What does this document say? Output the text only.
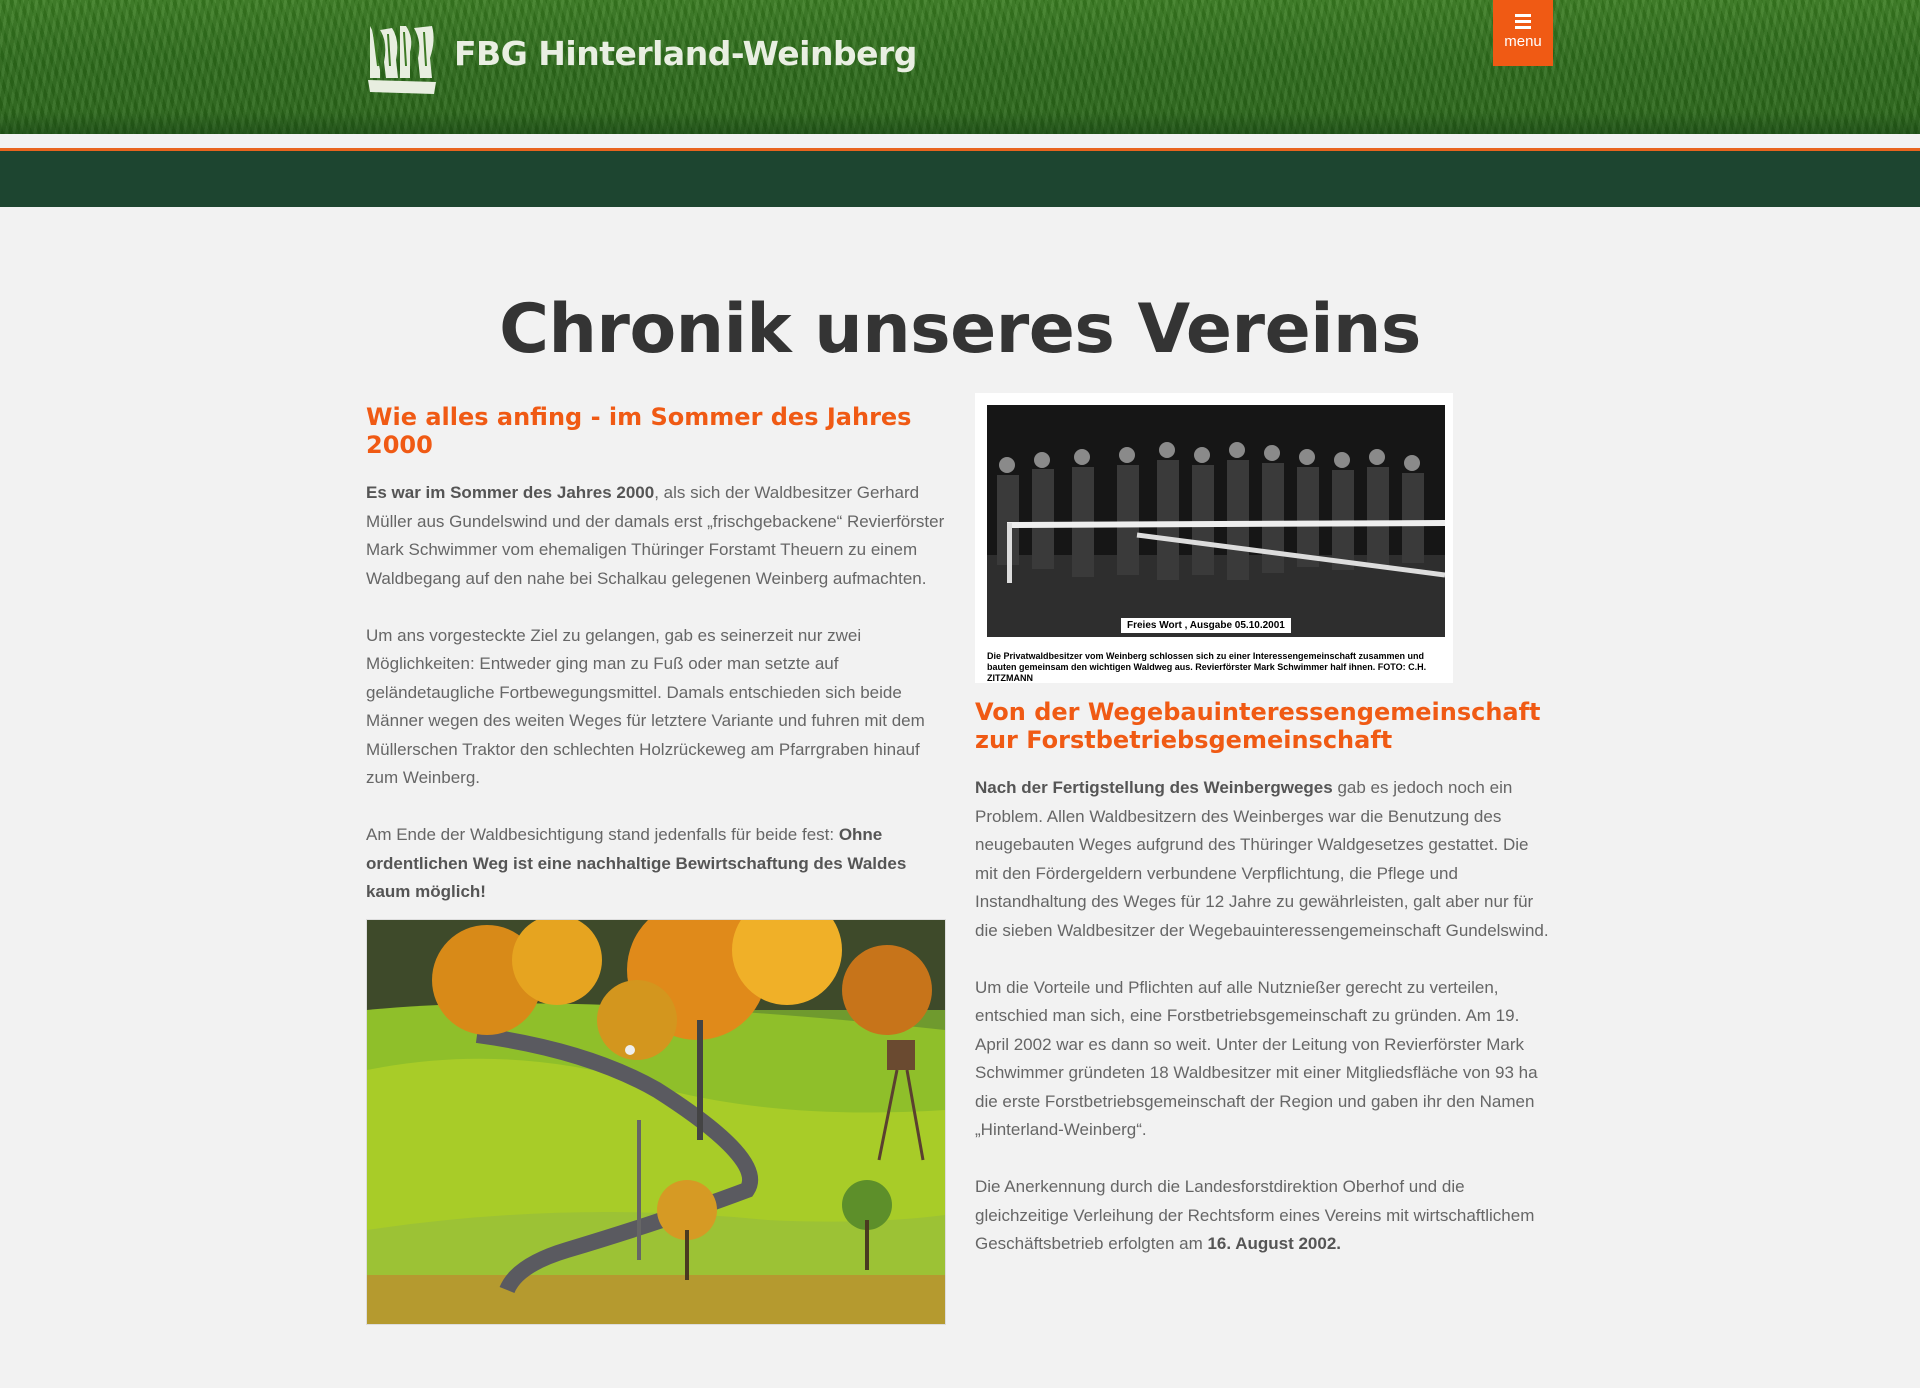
FBG Hinterland-Weinberg	menu
Chronik unseres Vereins
Wie alles anfing - im Sommer des Jahres 2000

Es war im Sommer des Jahres 2000, als sich der Waldbesitzer Gerhard Müller aus Gundelswind und der damals erst „frischgebackene“ Revierförster Mark Schwimmer vom ehemaligen Thüringer Forstamt Theuern zu einem Waldbegang auf den nahe bei Schalkau gelegenen Weinberg aufmachten.

Um ans vorgesteckte Ziel zu gelangen, gab es seinerzeit nur zwei Möglichkeiten: Entweder ging man zu Fuß oder man setzte auf geländetaugliche Fortbewegungsmittel. Damals entschieden sich beide Männer wegen des weiten Weges für letztere Variante und fuhren mit dem Müllerschen Traktor den schlechten Holzrückeweg am Pfarrgraben hinauf zum Weinberg.

Am Ende der Waldbesichtigung stand jedenfalls für beide fest: Ohne ordentlichen Weg ist eine nachhaltige Bewirtschaftung des Waldes kaum möglich!

Freies Wort , Ausgabe 05.10.2001
Die Privatwaldbesitzer vom Weinberg schlossen sich zu einer Interessengemeinschaft zusammen und bauten gemeinsam den wichtigen Waldweg aus. Revierförster Mark Schwimmer half ihnen. FOTO: C.H. ZITZMANN
Von der Wegebauinteressengemeinschaft zur Forstbetriebsgemeinschaft

Nach der Fertigstellung des Weinbergweges gab es jedoch noch ein Problem. Allen Waldbesitzern des Weinberges war die Benutzung des neugebauten Weges aufgrund des Thüringer Waldgesetzes gestattet. Die mit den Fördergeldern verbundene Verpflichtung, die Pflege und Instandhaltung des Weges für 12 Jahre zu gewährleisten, galt aber nur für die sieben Waldbesitzer der Wegebauinteressengemeinschaft Gundelswind.

Um die Vorteile und Pflichten auf alle Nutznießer gerecht zu verteilen, entschied man sich, eine Forstbetriebsgemeinschaft zu gründen. Am 19. April 2002 war es dann so weit. Unter der Leitung von Revierförster Mark Schwimmer gründeten 18 Waldbesitzer mit einer Mitgliedsfläche von 93 ha die erste Forstbetriebsgemeinschaft der Region und gaben ihr den Namen „Hinterland-Weinberg“.

Die Anerkennung durch die Landesforstdirektion Oberhof und die gleichzeitige Verleihung der Rechtsform eines Vereins mit wirtschaftlichem Geschäftsbetrieb erfolgten am 16. August 2002.
